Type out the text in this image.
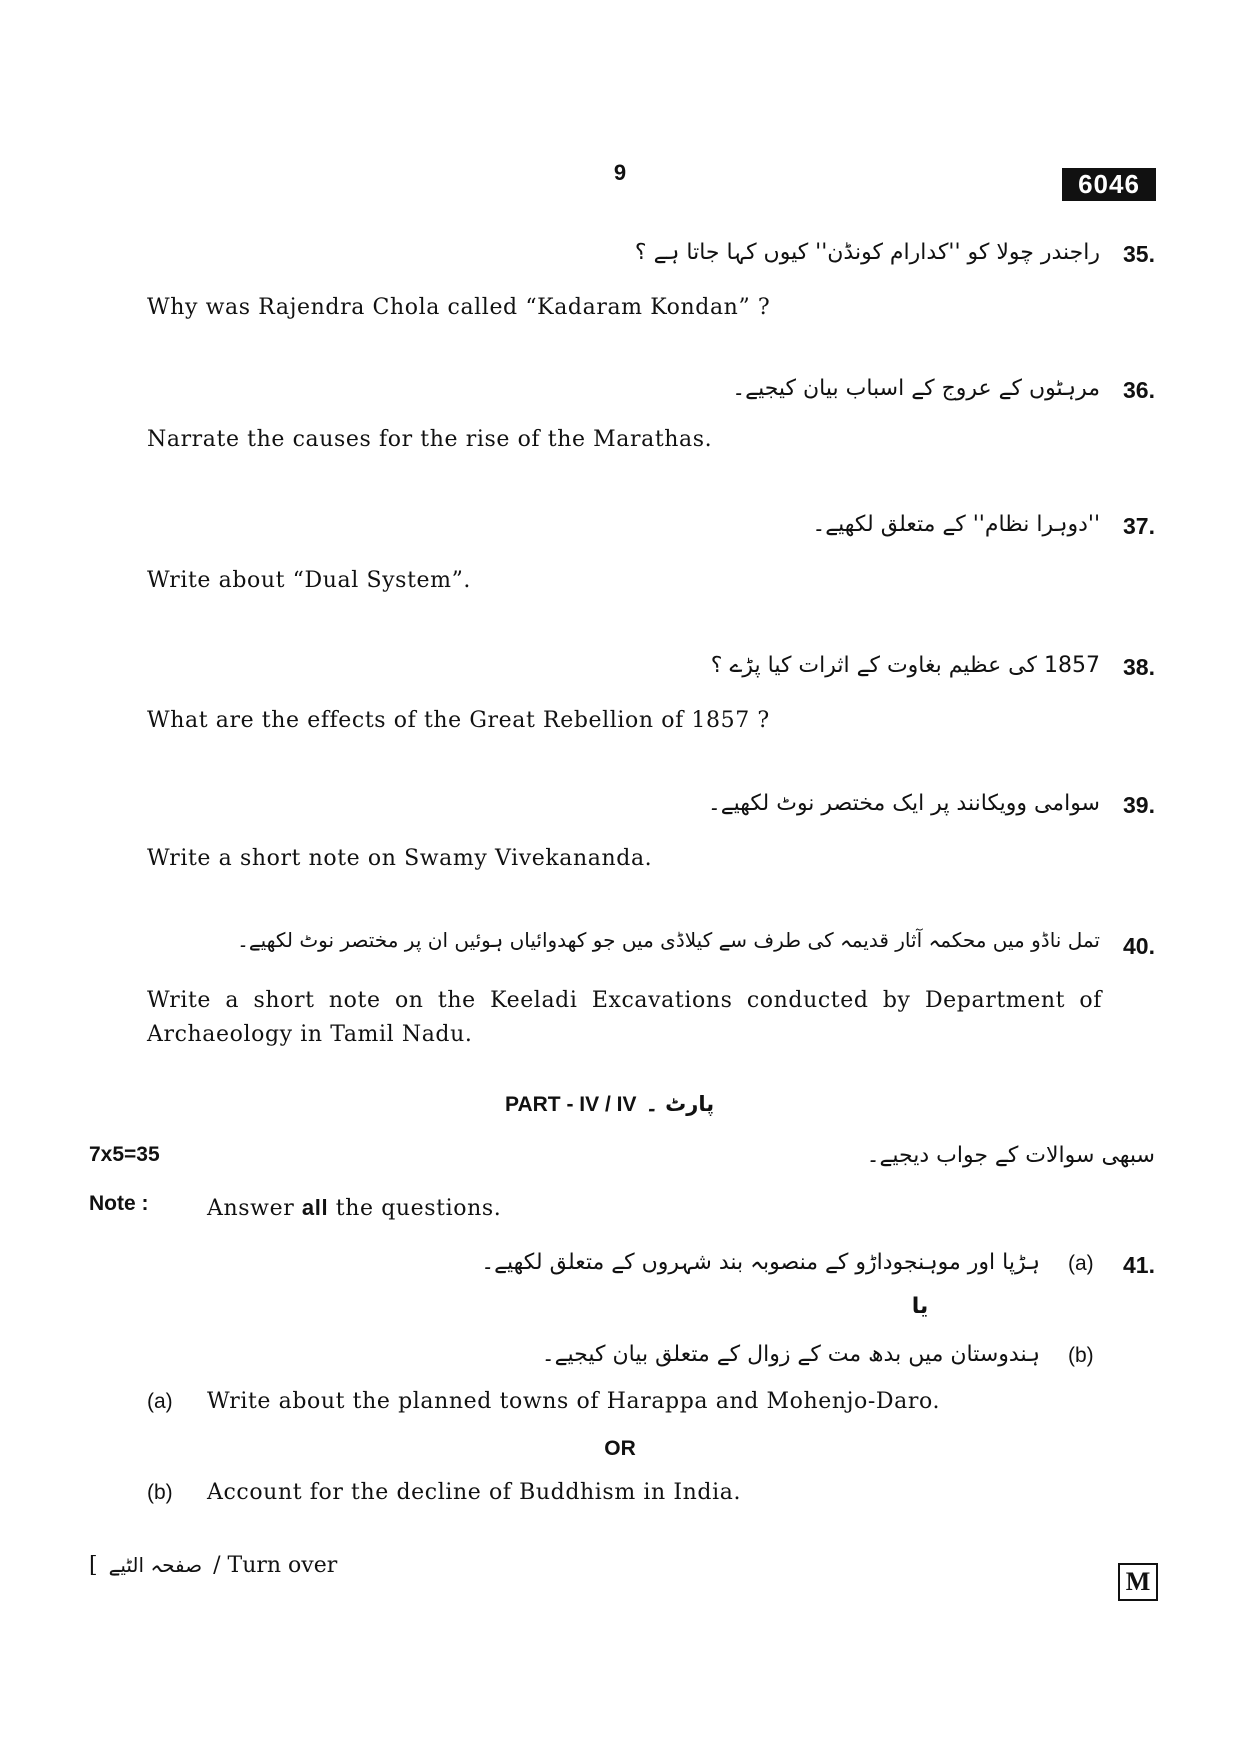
9	6046
.35
راجندر چولا کو ''کدارام کونڈن'' کیوں کہا جاتا ہے ؟
Why was Rajendra Chola called “Kadaram Kondan” ?
.36
مرہٹوں کے عروج کے اسباب بیان کیجیے۔
Narrate the causes for the rise of the Marathas.
.37
''دوہرا نظام'' کے متعلق لکھیے۔
Write about “Dual System”.
.38
1857 کی عظیم بغاوت کے اثرات کیا پڑے ؟
What are the effects of the Great Rebellion of 1857 ?
.39
سوامی وویکانند پر ایک مختصر نوٹ لکھیے۔
Write a short note on Swamy Vivekananda.
.40
تمل ناڈو میں محکمہ آثار قدیمہ کی طرف سے کیلاڈی میں جو کھدوائیاں ہوئیں ان پر مختصر نوٹ لکھیے۔
Write a short note on the Keeladi Excavations conducted by Department of
Archaeology in Tamil Nadu.
PART - IV / IV پارٹ ۔
7x5=35	سبھی سوالات کے جواب دیجیے۔
Note :	Answer all the questions.
.41
(a)
ہڑپا اور موہنجوداڑو کے منصوبہ بند شہروں کے متعلق لکھیے۔
یا
(b)
ہندوستان میں بدھ مت کے زوال کے متعلق بیان کیجیے۔
(a) Write about the planned towns of Harappa and Mohenjo-Daro.
OR
(b) Account for the decline of Buddhism in India.
[ صفحہ الٹیے / Turn over
M
